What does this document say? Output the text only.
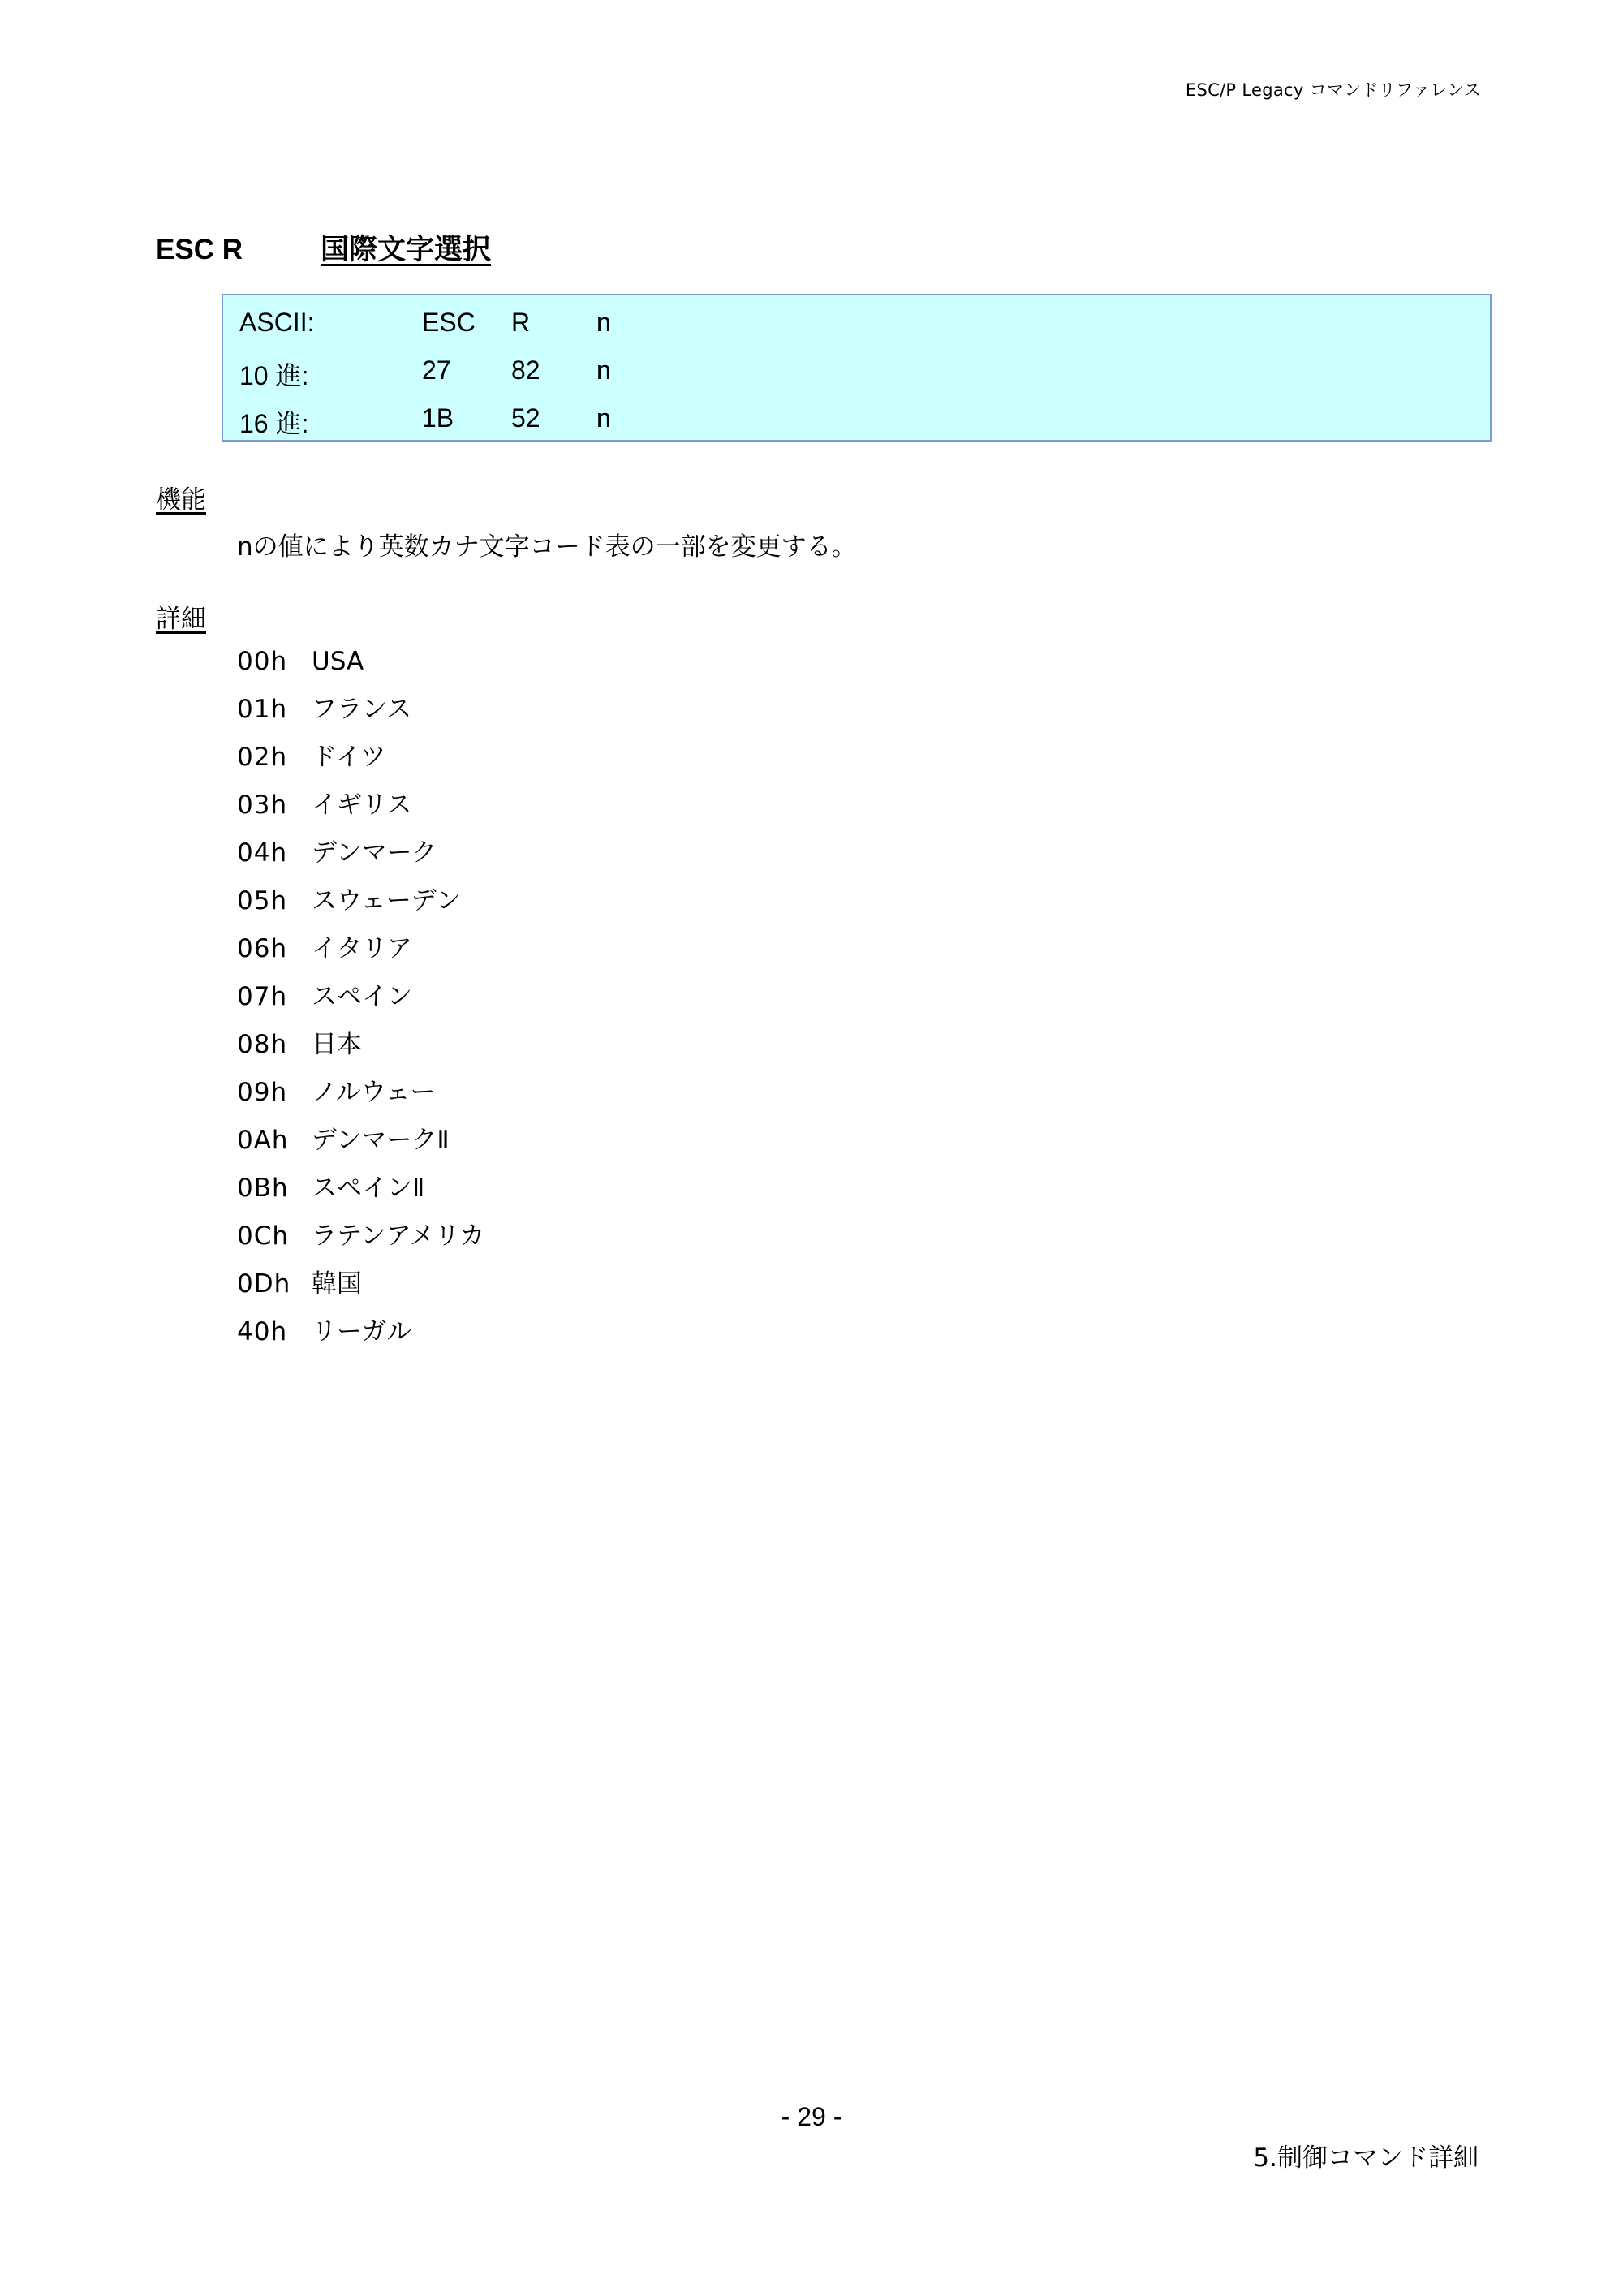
ESC/P Legacy コマンドリファレンス
ESC R	国際文字選択
ASCII:	ESC R	n
10 進:	27 82 n
16 進:	1B 52 n
機能
nの値により英数カナ文字コード表の一部を変更する。
詳細
00h USA
01h フランス
02h ドイツ
03h イギリス
04h デンマーク
05h スウェーデン
06h イタリア
07h スペイン
08h 日本
09h ノルウェー
0Ah デンマークⅡ
0Bh スペインⅡ
0Ch ラテンアメリカ
0Dh 韓国
40h リーガル
- 29 -
5.制御コマンド詳細
